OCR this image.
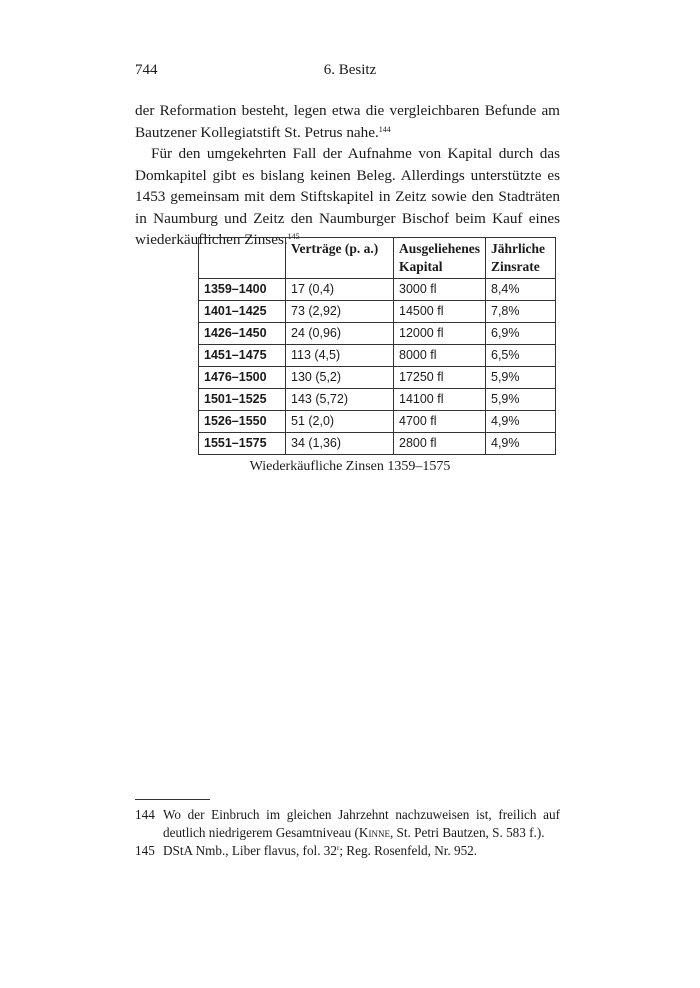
744	6. Besitz

der Reformation besteht, legen etwa die vergleichbaren Befunde am Bautzener Kollegiatstift St. Petrus nahe.$^{144}$

Für den umgekehrten Fall der Aufnahme von Kapital durch das Domkapitel gibt es bislang keinen Beleg. Allerdings unterstützte es 1453 gemeinsam mit dem Stiftskapitel in Zeitz sowie den Stadträten in Naumburg und Zeitz den Naumburger Bischof beim Kauf eines wiederkäuflichen Zinses.$^{145}$

	Verträge (p. a.)	Ausgeliehenes Kapital	Jährliche Zinsrate
1359–1400	17 (0,4)	3000 fl	8,4%
1401–1425	73 (2,92)	14500 fl	7,8%
1426–1450	24 (0,96)	12000 fl	6,9%
1451–1475	113 (4,5)	8000 fl	6,5%
1476–1500	130 (5,2)	17250 fl	5,9%
1501–1525	143 (5,72)	14100 fl	5,9%
1526–1550	51 (2,0)	4700 fl	4,9%
1551–1575	34 (1,36)	2800 fl	4,9%
Wiederkäufliche Zinsen 1359–1575
144 Wo der Einbruch im gleichen Jahrzehnt nachzuweisen ist, freilich auf deutlich niedrigerem Gesamtniveau (Kinne, St. Petri Bautzen, S. 583 f.).
145 DStA Nmb., Liber flavus, fol. 32$^r$; Reg. Rosenfeld, Nr. 952.
